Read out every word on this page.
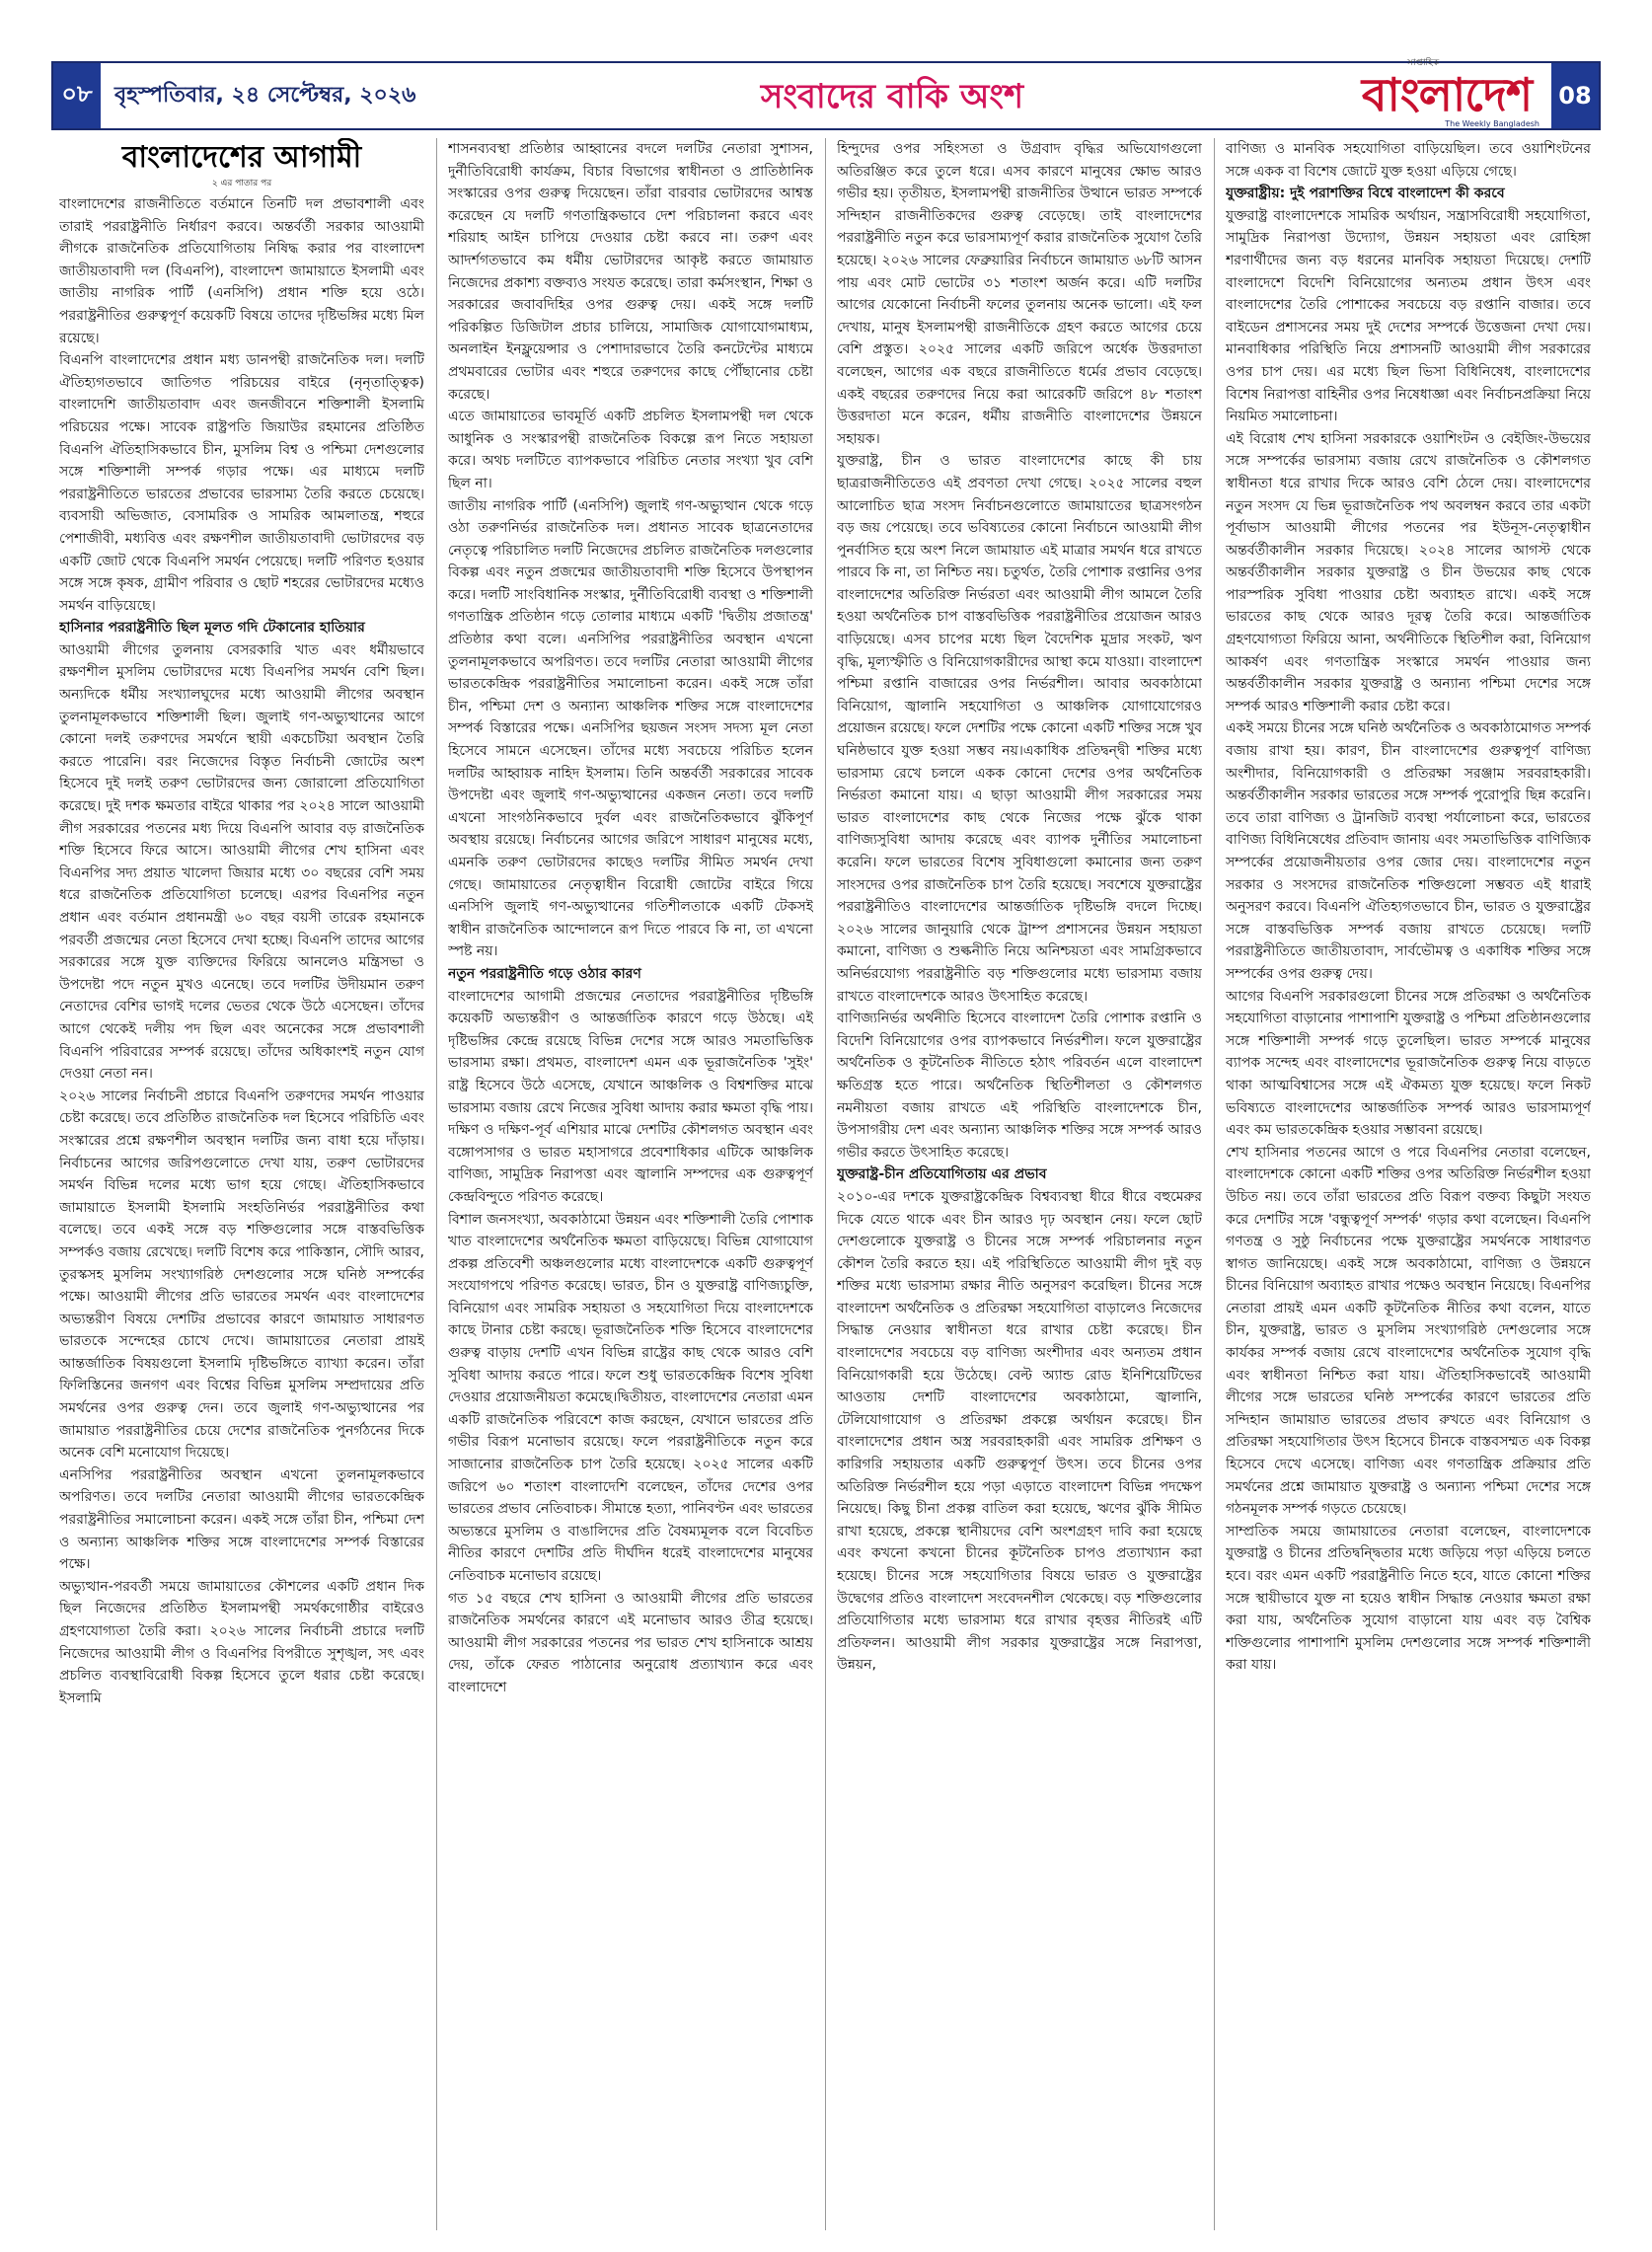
০৮	বৃহস্পতিবার, ২৪ সেপ্টেম্বর, ২০২৬	সংবাদের বাকি অংশ
সাপ্তাহিক
বাংলাদেশ
The Weekly Bangladesh
08
বাংলাদেশের আগামী
২ এর পাতার পর

বাংলাদেশের রাজনীতিতে বর্তমানে তিনটি দল প্রভাবশালী এবং তারাই পররাষ্ট্রনীতি নির্ধারণ করবে। অন্তর্বর্তী সরকার আওয়ামী লীগকে রাজনৈতিক প্রতিযোগিতায় নিষিদ্ধ করার পর বাংলাদেশ জাতীয়তাবাদী দল (বিএনপি), বাংলাদেশ জামায়াতে ইসলামী এবং জাতীয় নাগরিক পার্টি (এনসিপি) প্রধান শক্তি হয়ে ওঠে। পররাষ্ট্রনীতির গুরুত্বপূর্ণ কয়েকটি বিষয়ে তাদের দৃষ্টিভঙ্গির মধ্যে মিল রয়েছে।

বিএনপি বাংলাদেশের প্রধান মধ্য ডানপন্থী রাজনৈতিক দল। দলটি ঐতিহ্যগতভাবে জাতিগত পরিচয়ের বাইরে (নৃনৃতাত্ত্বিক) বাংলাদেশি জাতীয়তাবাদ এবং জনজীবনে শক্তিশালী ইসলামি পরিচয়ের পক্ষে। সাবেক রাষ্ট্রপতি জিয়াউর রহমানের প্রতিষ্ঠিত বিএনপি ঐতিহাসিকভাবে চীন, মুসলিম বিশ্ব ও পশ্চিমা দেশগুলোর সঙ্গে শক্তিশালী সম্পর্ক গড়ার পক্ষে। এর মাধ্যমে দলটি পররাষ্ট্রনীতিতে ভারতের প্রভাবের ভারসাম্য তৈরি করতে চেয়েছে। ব্যবসায়ী অভিজাত, বেসামরিক ও সামরিক আমলাতন্ত্র, শহুরে পেশাজীবী, মধ্যবিত্ত এবং রক্ষণশীল জাতীয়তাবাদী ভোটারদের বড় একটি জোট থেকে বিএনপি সমর্থন পেয়েছে। দলটি পরিণত হওয়ার সঙ্গে সঙ্গে কৃষক, গ্রামীণ পরিবার ও ছোট শহরের ভোটারদের মধ্যেও সমর্থন বাড়িয়েছে।

হাসিনার পররাষ্ট্রনীতি ছিল মূলত গদি টেকানোর হাতিয়ার

আওয়ামী লীগের তুলনায় বেসরকারি খাত এবং ধর্মীয়ভাবে রক্ষণশীল মুসলিম ভোটারদের মধ্যে বিএনপির সমর্থন বেশি ছিল। অন্যদিকে ধর্মীয় সংখ্যালঘুদের মধ্যে আওয়ামী লীগের অবস্থান তুলনামূলকভাবে শক্তিশালী ছিল। জুলাই গণ-অভ্যুত্থানের আগে কোনো দলই তরুণদের সমর্থনে স্থায়ী একচেটিয়া অবস্থান তৈরি করতে পারেনি। বরং নিজেদের বিস্তৃত নির্বাচনী জোটের অংশ হিসেবে দুই দলই তরুণ ভোটারদের জন্য জোরালো প্রতিযোগিতা করেছে। দুই দশক ক্ষমতার বাইরে থাকার পর ২০২৪ সালে আওয়ামী লীগ সরকারের পতনের মধ্য দিয়ে বিএনপি আবার বড় রাজনৈতিক শক্তি হিসেবে ফিরে আসে। আওয়ামী লীগের শেখ হাসিনা এবং বিএনপির সদ্য প্রয়াত খালেদা জিয়ার মধ্যে ৩০ বছরের বেশি সময় ধরে রাজনৈতিক প্রতিযোগিতা চলেছে। এরপর বিএনপির নতুন প্রধান এবং বর্তমান প্রধানমন্ত্রী ৬০ বছর বয়সী তারেক রহমানকে পরবর্তী প্রজন্মের নেতা হিসেবে দেখা হচ্ছে। বিএনপি তাদের আগের সরকারের সঙ্গে যুক্ত ব্যক্তিদের ফিরিয়ে আনলেও মন্ত্রিসভা ও উপদেষ্টা পদে নতুন মুখও এনেছে। তবে দলটির উদীয়মান তরুণ নেতাদের বেশির ভাগই দলের ভেতর থেকে উঠে এসেছেন। তাঁদের আগে থেকেই দলীয় পদ ছিল এবং অনেকের সঙ্গে প্রভাবশালী বিএনপি পরিবারের সম্পর্ক রয়েছে। তাঁদের অধিকাংশই নতুন যোগ দেওয়া নেতা নন।

২০২৬ সালের নির্বাচনী প্রচারে বিএনপি তরুণদের সমর্থন পাওয়ার চেষ্টা করেছে। তবে প্রতিষ্ঠিত রাজনৈতিক দল হিসেবে পরিচিতি এবং সংস্কারের প্রশ্নে রক্ষণশীল অবস্থান দলটির জন্য বাধা হয়ে দাঁড়ায়। নির্বাচনের আগের জরিপগুলোতে দেখা যায়, তরুণ ভোটারদের সমর্থন বিভিন্ন দলের মধ্যে ভাগ হয়ে গেছে। ঐতিহাসিকভাবে জামায়াতে ইসলামী ইসলামি সংহতিনির্ভর পররাষ্ট্রনীতির কথা বলেছে। তবে একই সঙ্গে বড় শক্তিগুলোর সঙ্গে বাস্তবভিত্তিক সম্পর্কও বজায় রেখেছে। দলটি বিশেষ করে পাকিস্তান, সৌদি আরব, তুরস্কসহ মুসলিম সংখ্যাগরিষ্ঠ দেশগুলোর সঙ্গে ঘনিষ্ঠ সম্পর্কের পক্ষে। আওয়ামী লীগের প্রতি ভারতের সমর্থন এবং বাংলাদেশের অভ্যন্তরীণ বিষয়ে দেশটির প্রভাবের কারণে জামায়াত সাধারণত ভারতকে সন্দেহের চোখে দেখে। জামায়াতের নেতারা প্রায়ই আন্তর্জাতিক বিষয়গুলো ইসলামি দৃষ্টিভঙ্গিতে ব্যাখ্যা করেন। তাঁরা ফিলিস্তিনের জনগণ এবং বিশ্বের বিভিন্ন মুসলিম সম্প্রদায়ের প্রতি সমর্থনের ওপর গুরুত্ব দেন। তবে জুলাই গণ-অভ্যুত্থানের পর জামায়াত পররাষ্ট্রনীতির চেয়ে দেশের রাজনৈতিক পুনর্গঠনের দিকে অনেক বেশি মনোযোগ দিয়েছে।

এনসিপির পররাষ্ট্রনীতির অবস্থান এখনো তুলনামূলকভাবে অপরিণত। তবে দলটির নেতারা আওয়ামী লীগের ভারতকেন্দ্রিক পররাষ্ট্রনীতির সমালোচনা করেন। একই সঙ্গে তাঁরা চীন, পশ্চিমা দেশ ও অন্যান্য আঞ্চলিক শক্তির সঙ্গে বাংলাদেশের সম্পর্ক বিস্তারের পক্ষে।

অভ্যুত্থান-পরবর্তী সময়ে জামায়াতের কৌশলের একটি প্রধান দিক ছিল নিজেদের প্রতিষ্ঠিত ইসলামপন্থী সমর্থকগোষ্ঠীর বাইরেও গ্রহণযোগ্যতা তৈরি করা। ২০২৬ সালের নির্বাচনী প্রচারে দলটি নিজেদের আওয়ামী লীগ ও বিএনপির বিপরীতে সুশৃঙ্খল, সৎ এবং প্রচলিত ব্যবস্থাবিরোধী বিকল্প হিসেবে তুলে ধরার চেষ্টা করেছে। ইসলামি

শাসনব্যবস্থা প্রতিষ্ঠার আহ্বানের বদলে দলটির নেতারা সুশাসন, দুর্নীতিবিরোধী কার্যক্রম, বিচার বিভাগের স্বাধীনতা ও প্রাতিষ্ঠানিক সংস্কারের ওপর গুরুত্ব দিয়েছেন। তাঁরা বারবার ভোটারদের আশ্বস্ত করেছেন যে দলটি গণতান্ত্রিকভাবে দেশ পরিচালনা করবে এবং শরিয়াহ আইন চাপিয়ে দেওয়ার চেষ্টা করবে না। তরুণ এবং আদর্শগতভাবে কম ধর্মীয় ভোটারদের আকৃষ্ট করতে জামায়াত নিজেদের প্রকাশ্য বক্তব্যও সংযত করেছে। তারা কর্মসংস্থান, শিক্ষা ও সরকারের জবাবদিহির ওপর গুরুত্ব দেয়। একই সঙ্গে দলটি পরিকল্পিত ডিজিটাল প্রচার চালিয়ে, সামাজিক যোগাযোগমাধ্যম, অনলাইন ইনফ্লুয়েন্সার ও পেশাদারভাবে তৈরি কনটেন্টের মাধ্যমে প্রথমবারের ভোটার এবং শহুরে তরুণদের কাছে পৌঁছানোর চেষ্টা করেছে।

এতে জামায়াতের ভাবমূর্তি একটি প্রচলিত ইসলামপন্থী দল থেকে আধুনিক ও সংস্কারপন্থী রাজনৈতিক বিকল্পে রূপ নিতে সহায়তা করে। অথচ দলটিতে ব্যাপকভাবে পরিচিত নেতার সংখ্যা খুব বেশি ছিল না।

জাতীয় নাগরিক পার্টি (এনসিপি) জুলাই গণ-অভ্যুত্থান থেকে গড়ে ওঠা তরুণনির্ভর রাজনৈতিক দল। প্রধানত সাবেক ছাত্রনেতাদের নেতৃত্বে পরিচালিত দলটি নিজেদের প্রচলিত রাজনৈতিক দলগুলোর বিকল্প এবং নতুন প্রজন্মের জাতীয়তাবাদী শক্তি হিসেবে উপস্থাপন করে। দলটি সাংবিধানিক সংস্কার, দুর্নীতিবিরোধী ব্যবস্থা ও শক্তিশালী গণতান্ত্রিক প্রতিষ্ঠান গড়ে তোলার মাধ্যমে একটি 'দ্বিতীয় প্রজাতন্ত্র' প্রতিষ্ঠার কথা বলে। এনসিপির পররাষ্ট্রনীতির অবস্থান এখনো তুলনামূলকভাবে অপরিণত। তবে দলটির নেতারা আওয়ামী লীগের ভারতকেন্দ্রিক পররাষ্ট্রনীতির সমালোচনা করেন। একই সঙ্গে তাঁরা চীন, পশ্চিমা দেশ ও অন্যান্য আঞ্চলিক শক্তির সঙ্গে বাংলাদেশের সম্পর্ক বিস্তারের পক্ষে। এনসিপির ছয়জন সংসদ সদস্য মূল নেতা হিসেবে সামনে এসেছেন। তাঁদের মধ্যে সবচেয়ে পরিচিত হলেন দলটির আহ্বায়ক নাহিদ ইসলাম। তিনি অন্তর্বর্তী সরকারের সাবেক উপদেষ্টা এবং জুলাই গণ-অভ্যুত্থানের একজন নেতা। তবে দলটি এখনো সাংগঠনিকভাবে দুর্বল এবং রাজনৈতিকভাবে ঝুঁকিপূর্ণ অবস্থায় রয়েছে। নির্বাচনের আগের জরিপে সাধারণ মানুষের মধ্যে, এমনকি তরুণ ভোটারদের কাছেও দলটির সীমিত সমর্থন দেখা গেছে। জামায়াতের নেতৃত্বাধীন বিরোধী জোটের বাইরে গিয়ে এনসিপি জুলাই গণ-অভ্যুত্থানের গতিশীলতাকে একটি টেকসই স্বাধীন রাজনৈতিক আন্দোলনে রূপ দিতে পারবে কি না, তা এখনো স্পষ্ট নয়।

নতুন পররাষ্ট্রনীতি গড়ে ওঠার কারণ

বাংলাদেশের আগামী প্রজন্মের নেতাদের পররাষ্ট্রনীতির দৃষ্টিভঙ্গি কয়েকটি অভ্যন্তরীণ ও আন্তর্জাতিক কারণে গড়ে উঠছে। এই দৃষ্টিভঙ্গির কেন্দ্রে রয়েছে বিভিন্ন দেশের সঙ্গে আরও সমতাভিত্তিক ভারসাম্য রক্ষা। প্রথমত, বাংলাদেশ এমন এক ভূরাজনৈতিক 'সুইং' রাষ্ট্র হিসেবে উঠে এসেছে, যেখানে আঞ্চলিক ও বিশ্বশক্তির মাঝে ভারসাম্য বজায় রেখে নিজের সুবিধা আদায় করার ক্ষমতা বৃদ্ধি পায়। দক্ষিণ ও দক্ষিণ-পূর্ব এশিয়ার মাঝে দেশটির কৌশলগত অবস্থান এবং বঙ্গোপসাগর ও ভারত মহাসাগরে প্রবেশাধিকার এটিকে আঞ্চলিক বাণিজ্য, সামুদ্রিক নিরাপত্তা এবং জ্বালানি সম্পদের এক গুরুত্বপূর্ণ কেন্দ্রবিন্দুতে পরিণত করেছে।

বিশাল জনসংখ্যা, অবকাঠামো উন্নয়ন এবং শক্তিশালী তৈরি পোশাক খাত বাংলাদেশের অর্থনৈতিক ক্ষমতা বাড়িয়েছে। বিভিন্ন যোগাযোগ প্রকল্প প্রতিবেশী অঞ্চলগুলোর মধ্যে বাংলাদেশকে একটি গুরুত্বপূর্ণ সংযোগপথে পরিণত করেছে। ভারত, চীন ও যুক্তরাষ্ট্র বাণিজ্যচুক্তি, বিনিয়োগ এবং সামরিক সহায়তা ও সহযোগিতা দিয়ে বাংলাদেশকে কাছে টানার চেষ্টা করছে। ভূরাজনৈতিক শক্তি হিসেবে বাংলাদেশের গুরুত্ব বাড়ায় দেশটি এখন বিভিন্ন রাষ্ট্রের কাছ থেকে আরও বেশি সুবিধা আদায় করতে পারে। ফলে শুধু ভারতকেন্দ্রিক বিশেষ সুবিধা দেওয়ার প্রয়োজনীয়তা কমেছে।দ্বিতীয়ত, বাংলাদেশের নেতারা এমন একটি রাজনৈতিক পরিবেশে কাজ করছেন, যেখানে ভারতের প্রতি গভীর বিরূপ মনোভাব রয়েছে। ফলে পররাষ্ট্রনীতিকে নতুন করে সাজানোর রাজনৈতিক চাপ তৈরি হয়েছে। ২০২৫ সালের একটি জরিপে ৬০ শতাংশ বাংলাদেশি বলেছেন, তাঁদের দেশের ওপর ভারতের প্রভাব নেতিবাচক। সীমান্তে হত্যা, পানিবণ্টন এবং ভারতের অভ্যন্তরে মুসলিম ও বাঙালিদের প্রতি বৈষম্যমূলক বলে বিবেচিত নীতির কারণে দেশটির প্রতি দীর্ঘদিন ধরেই বাংলাদেশের মানুষের নেতিবাচক মনোভাব রয়েছে।

গত ১৫ বছরে শেখ হাসিনা ও আওয়ামী লীগের প্রতি ভারতের রাজনৈতিক সমর্থনের কারণে এই মনোভাব আরও তীব্র হয়েছে। আওয়ামী লীগ সরকারের পতনের পর ভারত শেখ হাসিনাকে আশ্রয় দেয়, তাঁকে ফেরত পাঠানোর অনুরোধ প্রত্যাখ্যান করে এবং বাংলাদেশে

হিন্দুদের ওপর সহিংসতা ও উগ্রবাদ বৃদ্ধির অভিযোগগুলো অতিরঞ্জিত করে তুলে ধরে। এসব কারণে মানুষের ক্ষোভ আরও গভীর হয়। তৃতীয়ত, ইসলামপন্থী রাজনীতির উত্থানে ভারত সম্পর্কে সন্দিহান রাজনীতিকদের গুরুত্ব বেড়েছে। তাই বাংলাদেশের পররাষ্ট্রনীতি নতুন করে ভারসাম্যপূর্ণ করার রাজনৈতিক সুযোগ তৈরি হয়েছে। ২০২৬ সালের ফেব্রুয়ারির নির্বাচনে জামায়াত ৬৮টি আসন পায় এবং মোট ভোটের ৩১ শতাংশ অর্জন করে। এটি দলটির আগের যেকোনো নির্বাচনী ফলের তুলনায় অনেক ভালো। এই ফল দেখায়, মানুষ ইসলামপন্থী রাজনীতিকে গ্রহণ করতে আগের চেয়ে বেশি প্রস্তুত। ২০২৫ সালের একটি জরিপে অর্ধেক উত্তরদাতা বলেছেন, আগের এক বছরে রাজনীতিতে ধর্মের প্রভাব বেড়েছে। একই বছরের তরুণদের নিয়ে করা আরেকটি জরিপে ৪৮ শতাংশ উত্তরদাতা মনে করেন, ধর্মীয় রাজনীতি বাংলাদেশের উন্নয়নে সহায়ক।

যুক্তরাষ্ট্র, চীন ও ভারত বাংলাদেশের কাছে কী চায় ছাত্ররাজনীতিতেও এই প্রবণতা দেখা গেছে। ২০২৫ সালের বহুল আলোচিত ছাত্র সংসদ নির্বাচনগুলোতে জামায়াতের ছাত্রসংগঠন বড় জয় পেয়েছে। তবে ভবিষ্যতের কোনো নির্বাচনে আওয়ামী লীগ পুনর্বাসিত হয়ে অংশ নিলে জামায়াত এই মাত্রার সমর্থন ধরে রাখতে পারবে কি না, তা নিশ্চিত নয়। চতুর্থত, তৈরি পোশাক রপ্তানির ওপর বাংলাদেশের অতিরিক্ত নির্ভরতা এবং আওয়ামী লীগ আমলে তৈরি হওয়া অর্থনৈতিক চাপ বাস্তবভিত্তিক পররাষ্ট্রনীতির প্রয়োজন আরও বাড়িয়েছে। এসব চাপের মধ্যে ছিল বৈদেশিক মুদ্রার সংকট, ঋণ বৃদ্ধি, মূল্যস্ফীতি ও বিনিয়োগকারীদের আস্থা কমে যাওয়া। বাংলাদেশ পশ্চিমা রপ্তানি বাজারের ওপর নির্ভরশীল। আবার অবকাঠামো বিনিয়োগ, জ্বালানি সহযোগিতা ও আঞ্চলিক যোগাযোগেরও প্রয়োজন রয়েছে। ফলে দেশটির পক্ষে কোনো একটি শক্তির সঙ্গে খুব ঘনিষ্ঠভাবে যুক্ত হওয়া সম্ভব নয়।একাধিক প্রতিদ্বন্দ্বী শক্তির মধ্যে ভারসাম্য রেখে চললে একক কোনো দেশের ওপর অর্থনৈতিক নির্ভরতা কমানো যায়। এ ছাড়া আওয়ামী লীগ সরকারের সময় ভারত বাংলাদেশের কাছ থেকে নিজের পক্ষে ঝুঁকে থাকা বাণিজ্যসুবিধা আদায় করেছে এবং ব্যাপক দুর্নীতির সমালোচনা করেনি। ফলে ভারতের বিশেষ সুবিধাগুলো কমানোর জন্য তরুণ সাংসদের ওপর রাজনৈতিক চাপ তৈরি হয়েছে। সবশেষে যুক্তরাষ্ট্রের পররাষ্ট্রনীতিও বাংলাদেশের আন্তর্জাতিক দৃষ্টিভঙ্গি বদলে দিচ্ছে। ২০২৬ সালের জানুয়ারি থেকে ট্রাম্প প্রশাসনের উন্নয়ন সহায়তা কমানো, বাণিজ্য ও শুল্কনীতি নিয়ে অনিশ্চয়তা এবং সামগ্রিকভাবে অনির্ভরযোগ্য পররাষ্ট্রনীতি বড় শক্তিগুলোর মধ্যে ভারসাম্য বজায় রাখতে বাংলাদেশকে আরও উৎসাহিত করেছে।

বাণিজ্যনির্ভর অর্থনীতি হিসেবে বাংলাদেশ তৈরি পোশাক রপ্তানি ও বিদেশি বিনিয়োগের ওপর ব্যাপকভাবে নির্ভরশীল। ফলে যুক্তরাষ্ট্রের অর্থনৈতিক ও কূটনৈতিক নীতিতে হঠাৎ পরিবর্তন এলে বাংলাদেশ ক্ষতিগ্রস্ত হতে পারে। অর্থনৈতিক স্থিতিশীলতা ও কৌশলগত নমনীয়তা বজায় রাখতে এই পরিস্থিতি বাংলাদেশকে চীন, উপসাগরীয় দেশ এবং অন্যান্য আঞ্চলিক শক্তির সঙ্গে সম্পর্ক আরও গভীর করতে উৎসাহিত করেছে।

যুক্তরাষ্ট্র-চীন প্রতিযোগিতায় এর প্রভাব

২০১০-এর দশকে যুক্তরাষ্ট্রকেন্দ্রিক বিশ্বব্যবস্থা ধীরে ধীরে বহুমেরুর দিকে যেতে থাকে এবং চীন আরও দৃঢ় অবস্থান নেয়। ফলে ছোট দেশগুলোকে যুক্তরাষ্ট্র ও চীনের সঙ্গে সম্পর্ক পরিচালনার নতুন কৌশল তৈরি করতে হয়। এই পরিস্থিতিতে আওয়ামী লীগ দুই বড় শক্তির মধ্যে ভারসাম্য রক্ষার নীতি অনুসরণ করেছিল। চীনের সঙ্গে বাংলাদেশ অর্থনৈতিক ও প্রতিরক্ষা সহযোগিতা বাড়ালেও নিজেদের সিদ্ধান্ত নেওয়ার স্বাধীনতা ধরে রাখার চেষ্টা করেছে। চীন বাংলাদেশের সবচেয়ে বড় বাণিজ্য অংশীদার এবং অন্যতম প্রধান বিনিয়োগকারী হয়ে উঠেছে। বেল্ট অ্যান্ড রোড ইনিশিয়েটিভের আওতায় দেশটি বাংলাদেশের অবকাঠামো, জ্বালানি, টেলিযোগাযোগ ও প্রতিরক্ষা প্রকল্পে অর্থায়ন করেছে। চীন বাংলাদেশের প্রধান অস্ত্র সরবরাহকারী এবং সামরিক প্রশিক্ষণ ও কারিগরি সহায়তার একটি গুরুত্বপূর্ণ উৎস। তবে চীনের ওপর অতিরিক্ত নির্ভরশীল হয়ে পড়া এড়াতে বাংলাদেশ বিভিন্ন পদক্ষেপ নিয়েছে। কিছু চীনা প্রকল্প বাতিল করা হয়েছে, ঋণের ঝুঁকি সীমিত রাখা হয়েছে, প্রকল্পে স্থানীয়দের বেশি অংশগ্রহণ দাবি করা হয়েছে এবং কখনো কখনো চীনের কূটনৈতিক চাপও প্রত্যাখ্যান করা হয়েছে। চীনের সঙ্গে সহযোগিতার বিষয়ে ভারত ও যুক্তরাষ্ট্রের উদ্বেগের প্রতিও বাংলাদেশ সংবেদনশীল থেকেছে। বড় শক্তিগুলোর প্রতিযোগিতার মধ্যে ভারসাম্য ধরে রাখার বৃহত্তর নীতিরই এটি প্রতিফলন। আওয়ামী লীগ সরকার যুক্তরাষ্ট্রের সঙ্গে নিরাপত্তা, উন্নয়ন,

বাণিজ্য ও মানবিক সহযোগিতা বাড়িয়েছিল। তবে ওয়াশিংটনের সঙ্গে একক বা বিশেষ জোটে যুক্ত হওয়া এড়িয়ে গেছে।

যুক্তরাষ্ট্রীয়: দুই পরাশক্তির বিশ্বে বাংলাদেশ কী করবে

যুক্তরাষ্ট্র বাংলাদেশকে সামরিক অর্থায়ন, সন্ত্রাসবিরোধী সহযোগিতা, সামুদ্রিক নিরাপত্তা উদ্যোগ, উন্নয়ন সহায়তা এবং রোহিঙ্গা শরণার্থীদের জন্য বড় ধরনের মানবিক সহায়তা দিয়েছে। দেশটি বাংলাদেশে বিদেশি বিনিয়োগের অন্যতম প্রধান উৎস এবং বাংলাদেশের তৈরি পোশাকের সবচেয়ে বড় রপ্তানি বাজার। তবে বাইডেন প্রশাসনের সময় দুই দেশের সম্পর্কে উত্তেজনা দেখা দেয়। মানবাধিকার পরিস্থিতি নিয়ে প্রশাসনটি আওয়ামী লীগ সরকারের ওপর চাপ দেয়। এর মধ্যে ছিল ভিসা বিধিনিষেধ, বাংলাদেশের বিশেষ নিরাপত্তা বাহিনীর ওপর নিষেধাজ্ঞা এবং নির্বাচনপ্রক্রিয়া নিয়ে নিয়মিত সমালোচনা।

এই বিরোধ শেখ হাসিনা সরকারকে ওয়াশিংটন ও বেইজিং-উভয়ের সঙ্গে সম্পর্কের ভারসাম্য বজায় রেখে রাজনৈতিক ও কৌশলগত স্বাধীনতা ধরে রাখার দিকে আরও বেশি ঠেলে দেয়। বাংলাদেশের নতুন সংসদ যে ভিন্ন ভূরাজনৈতিক পথ অবলম্বন করবে তার একটা পূর্বাভাস আওয়ামী লীগের পতনের পর ইউনূস-নেতৃত্বাধীন অন্তর্বর্তীকালীন সরকার দিয়েছে। ২০২৪ সালের আগস্ট থেকে অন্তর্বর্তীকালীন সরকার যুক্তরাষ্ট্র ও চীন উভয়ের কাছ থেকে পারস্পরিক সুবিধা পাওয়ার চেষ্টা অব্যাহত রাখে। একই সঙ্গে ভারতের কাছ থেকে আরও দূরত্ব তৈরি করে। আন্তর্জাতিক গ্রহণযোগ্যতা ফিরিয়ে আনা, অর্থনীতিকে স্থিতিশীল করা, বিনিয়োগ আকর্ষণ এবং গণতান্ত্রিক সংস্কারে সমর্থন পাওয়ার জন্য অন্তর্বর্তীকালীন সরকার যুক্তরাষ্ট্র ও অন্যান্য পশ্চিমা দেশের সঙ্গে সম্পর্ক আরও শক্তিশালী করার চেষ্টা করে।

একই সময়ে চীনের সঙ্গে ঘনিষ্ঠ অর্থনৈতিক ও অবকাঠামোগত সম্পর্ক বজায় রাখা হয়। কারণ, চীন বাংলাদেশের গুরুত্বপূর্ণ বাণিজ্য অংশীদার, বিনিয়োগকারী ও প্রতিরক্ষা সরঞ্জাম সরবরাহকারী। অন্তর্বর্তীকালীন সরকার ভারতের সঙ্গে সম্পর্ক পুরোপুরি ছিন্ন করেনি। তবে তারা বাণিজ্য ও ট্রানজিট ব্যবস্থা পর্যালোচনা করে, ভারতের বাণিজ্য বিধিনিষেধের প্রতিবাদ জানায় এবং সমতাভিত্তিক বাণিজ্যিক সম্পর্কের প্রয়োজনীয়তার ওপর জোর দেয়। বাংলাদেশের নতুন সরকার ও সংসদের রাজনৈতিক শক্তিগুলো সম্ভবত এই ধারাই অনুসরণ করবে। বিএনপি ঐতিহ্যগতভাবে চীন, ভারত ও যুক্তরাষ্ট্রের সঙ্গে বাস্তবভিত্তিক সম্পর্ক বজায় রাখতে চেয়েছে। দলটি পররাষ্ট্রনীতিতে জাতীয়তাবাদ, সার্বভৌমত্ব ও একাধিক শক্তির সঙ্গে সম্পর্কের ওপর গুরুত্ব দেয়।

আগের বিএনপি সরকারগুলো চীনের সঙ্গে প্রতিরক্ষা ও অর্থনৈতিক সহযোগিতা বাড়ানোর পাশাপাশি যুক্তরাষ্ট্র ও পশ্চিমা প্রতিষ্ঠানগুলোর সঙ্গে শক্তিশালী সম্পর্ক গড়ে তুলেছিল। ভারত সম্পর্কে মানুষের ব্যাপক সন্দেহ এবং বাংলাদেশের ভূরাজনৈতিক গুরুত্ব নিয়ে বাড়তে থাকা আত্মবিশ্বাসের সঙ্গে এই ঐকমত্য যুক্ত হয়েছে। ফলে নিকট ভবিষ্যতে বাংলাদেশের আন্তর্জাতিক সম্পর্ক আরও ভারসাম্যপূর্ণ এবং কম ভারতকেন্দ্রিক হওয়ার সম্ভাবনা রয়েছে।

শেখ হাসিনার পতনের আগে ও পরে বিএনপির নেতারা বলেছেন, বাংলাদেশকে কোনো একটি শক্তির ওপর অতিরিক্ত নির্ভরশীল হওয়া উচিত নয়। তবে তাঁরা ভারতের প্রতি বিরূপ বক্তব্য কিছুটা সংযত করে দেশটির সঙ্গে 'বন্ধুত্বপূর্ণ সম্পর্ক' গড়ার কথা বলেছেন। বিএনপি গণতন্ত্র ও সুষ্ঠু নির্বাচনের পক্ষে যুক্তরাষ্ট্রের সমর্থনকে সাধারণত স্বাগত জানিয়েছে। একই সঙ্গে অবকাঠামো, বাণিজ্য ও উন্নয়নে চীনের বিনিয়োগ অব্যাহত রাখার পক্ষেও অবস্থান নিয়েছে। বিএনপির নেতারা প্রায়ই এমন একটি কূটনৈতিক নীতির কথা বলেন, যাতে চীন, যুক্তরাষ্ট্র, ভারত ও মুসলিম সংখ্যাগরিষ্ঠ দেশগুলোর সঙ্গে কার্যকর সম্পর্ক বজায় রেখে বাংলাদেশের অর্থনৈতিক সুযোগ বৃদ্ধি এবং স্বাধীনতা নিশ্চিত করা যায়। ঐতিহাসিকভাবেই আওয়ামী লীগের সঙ্গে ভারতের ঘনিষ্ঠ সম্পর্কের কারণে ভারতের প্রতি সন্দিহান জামায়াত ভারতের প্রভাব রুখতে এবং বিনিয়োগ ও প্রতিরক্ষা সহযোগিতার উৎস হিসেবে চীনকে বাস্তবসম্মত এক বিকল্প হিসেবে দেখে এসেছে। বাণিজ্য এবং গণতান্ত্রিক প্রক্রিয়ার প্রতি সমর্থনের প্রশ্নে জামায়াত যুক্তরাষ্ট্র ও অন্যান্য পশ্চিমা দেশের সঙ্গে গঠনমূলক সম্পর্ক গড়তে চেয়েছে।

সাম্প্রতিক সময়ে জামায়াতের নেতারা বলেছেন, বাংলাদেশকে যুক্তরাষ্ট্র ও চীনের প্রতিদ্বন্দ্বিতার মধ্যে জড়িয়ে পড়া এড়িয়ে চলতে হবে। বরং এমন একটি পররাষ্ট্রনীতি নিতে হবে, যাতে কোনো শক্তির সঙ্গে স্থায়ীভাবে যুক্ত না হয়েও স্বাধীন সিদ্ধান্ত নেওয়ার ক্ষমতা রক্ষা করা যায়, অর্থনৈতিক সুযোগ বাড়ানো যায় এবং বড় বৈশ্বিক শক্তিগুলোর পাশাপাশি মুসলিম দেশগুলোর সঙ্গে সম্পর্ক শক্তিশালী করা যায়।
